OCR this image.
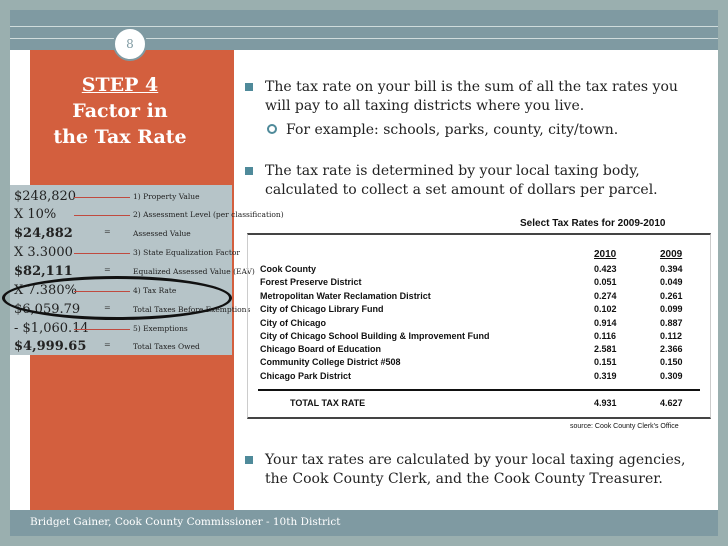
8
STEP 4
Factor in
the Tax Rate
$248,820	1) Property Value
X 10%	2) Assessment Level (per classification)
$24,882	=	Assessed Value
X 3.3000	3) State Equalization Factor
$82,111	=	Equalized Assessed Value (EAV)
X 7.380%	4) Tax Rate
$6,059.79	=	Total Taxes Before Exemptions
- $1,060.14	5) Exemptions
$4,999.65	=	Total Taxes Owed
The tax rate on your bill is the sum of all the tax rates you will pay to all taxing districts where you live.
For example: schools, parks, county, city/town.
The tax rate is determined by your local taxing body, calculated to collect a set amount of dollars per parcel.
Your tax rates are calculated by your local taxing agencies, the Cook County Clerk, and the Cook County Treasurer.
Select Tax Rates for 2009-2010
2010	2009
Cook County	0.423	0.394
Forest Preserve District	0.051	0.049
Metropolitan Water Reclamation District	0.274	0.261
City of Chicago Library Fund	0.102	0.099
City of Chicago	0.914	0.887
City of Chicago School Building & Improvement Fund	0.116	0.112
Chicago Board of Education	2.581	2.366
Community College District #508	0.151	0.150
Chicago Park District	0.319	0.309
TOTAL TAX RATE	4.931	4.627
source: Cook County Clerk's Office
Bridget Gainer, Cook County Commissioner - 10th District
